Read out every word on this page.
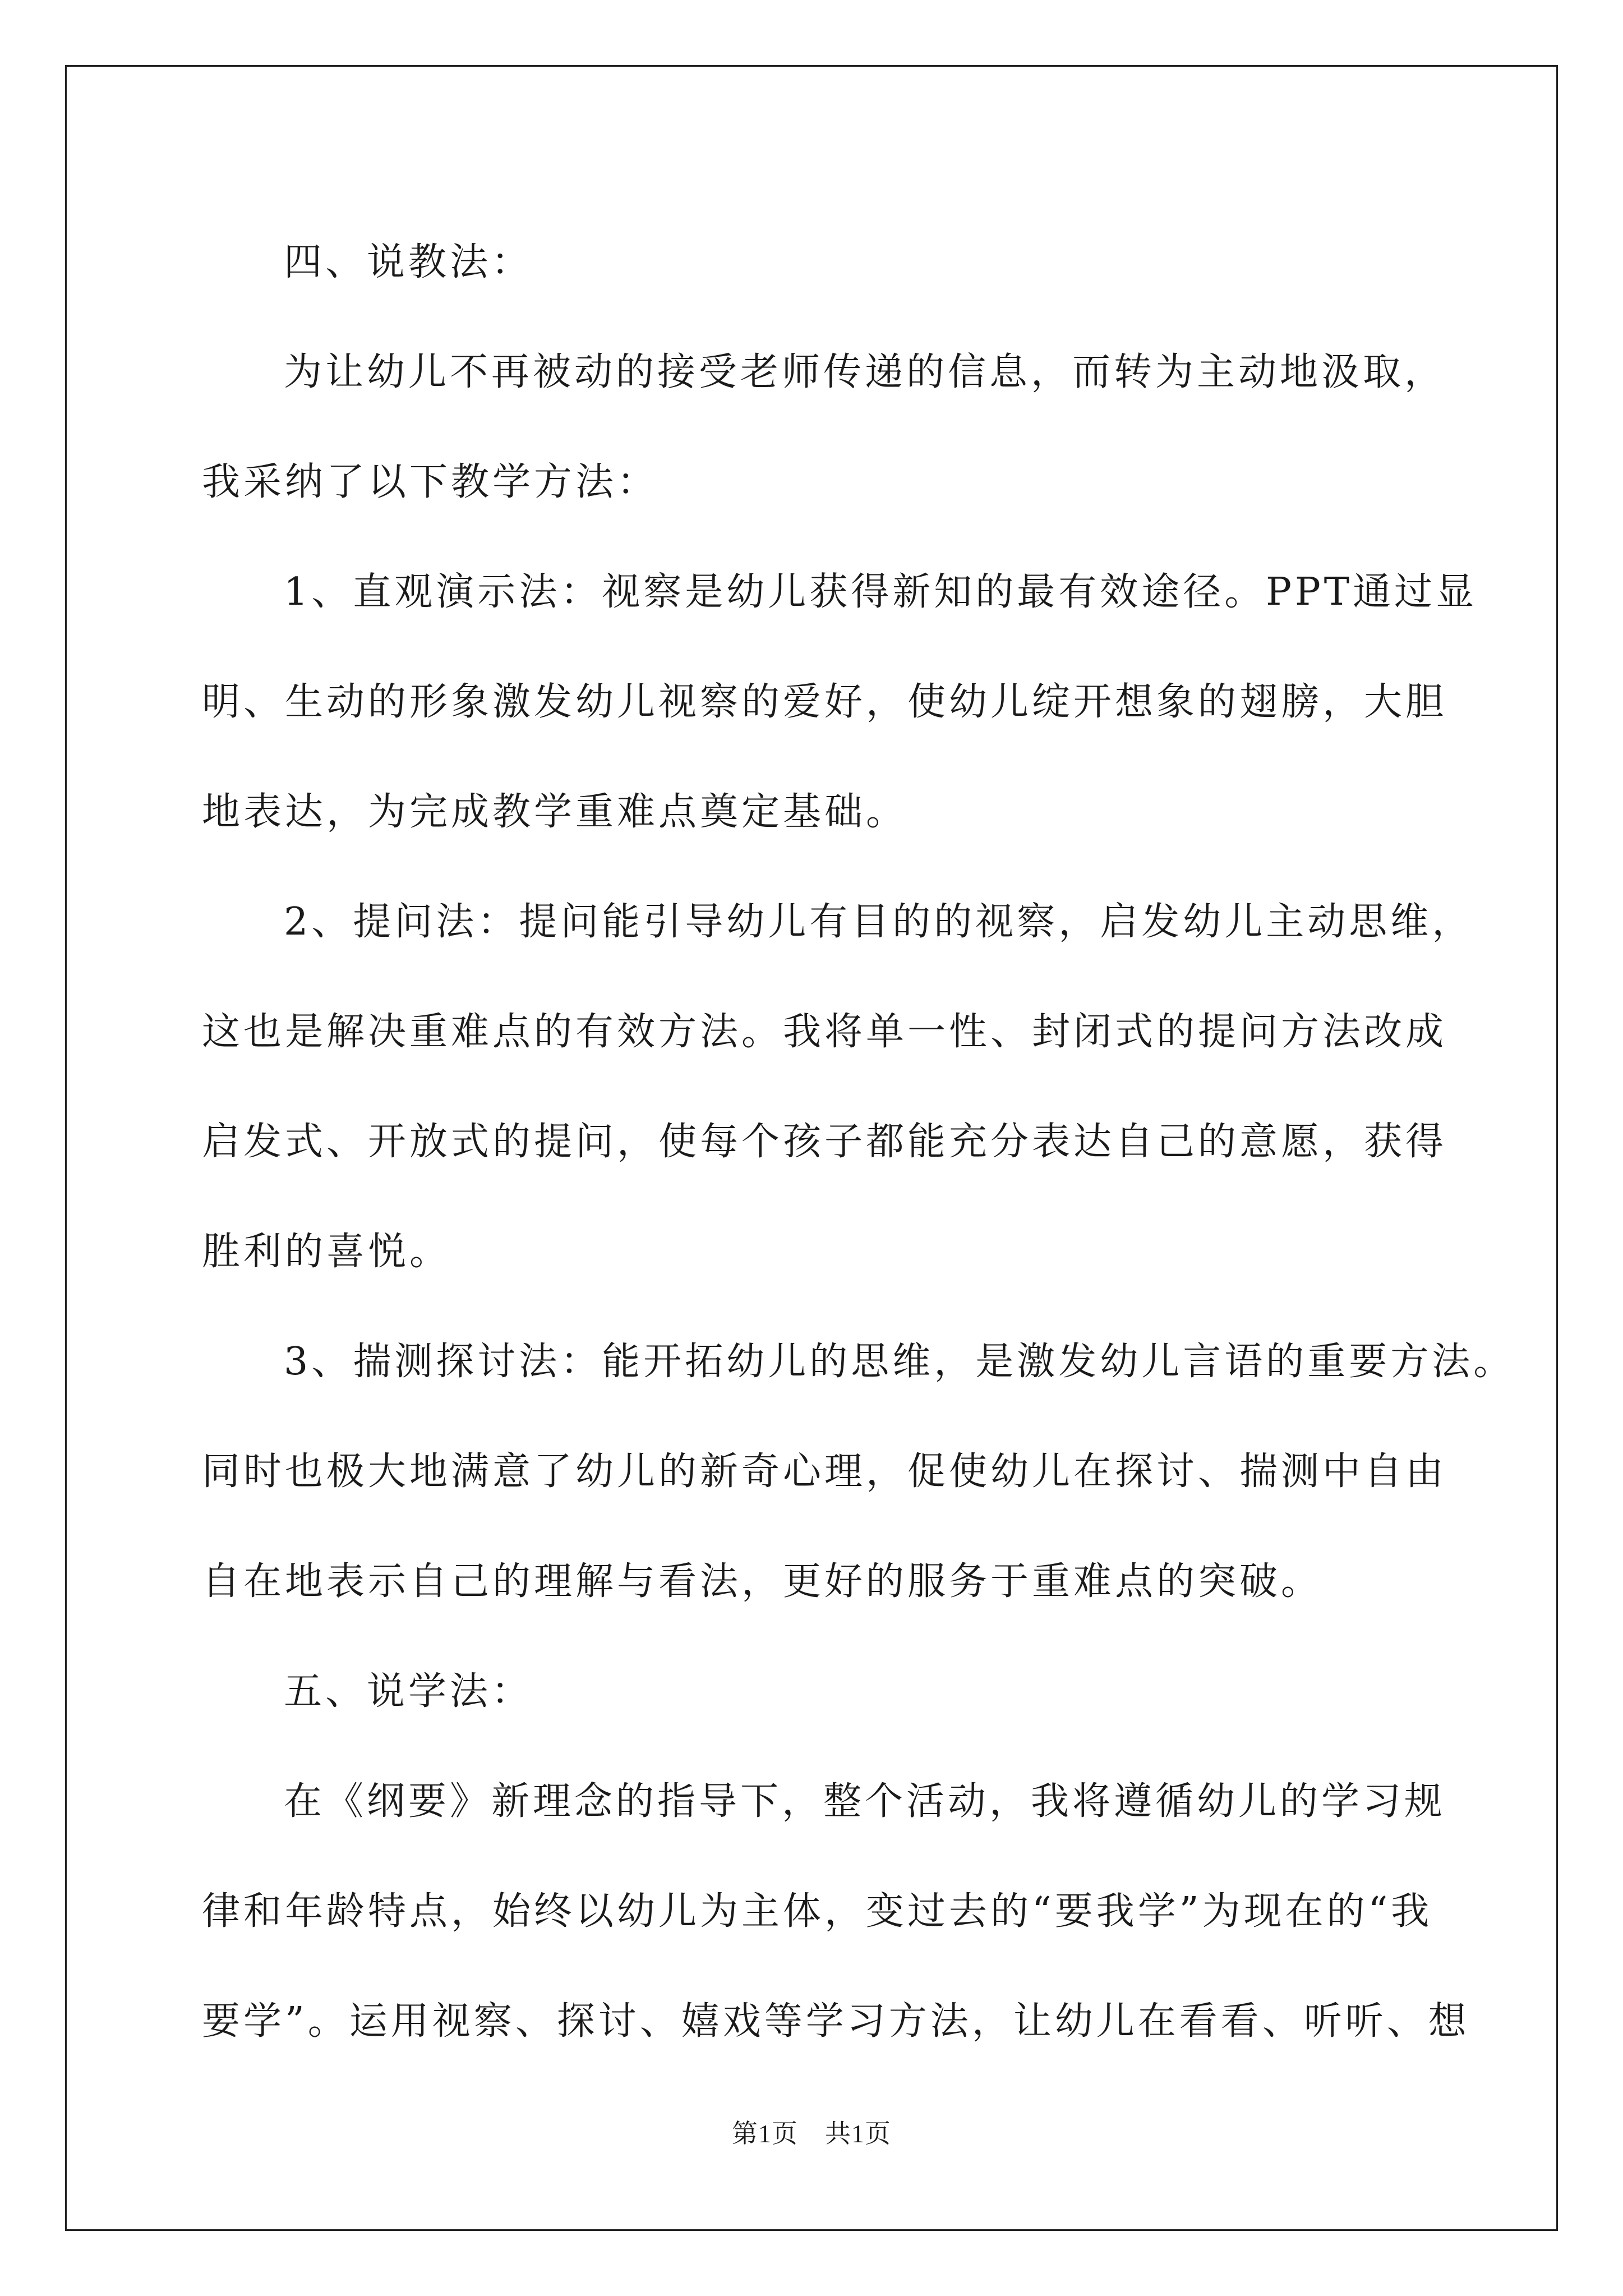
四、说教法：
为让幼儿不再被动的接受老师传递的信息，而转为主动地汲取，
我采纳了以下教学方法：
1、直观演示法：视察是幼儿获得新知的最有效途径。PPT通过显
明、生动的形象激发幼儿视察的爱好，使幼儿绽开想象的翅膀，大胆
地表达，为完成教学重难点奠定基础。
2、提问法：提问能引导幼儿有目的的视察，启发幼儿主动思维，
这也是解决重难点的有效方法。我将单一性、封闭式的提问方法改成
启发式、开放式的提问，使每个孩子都能充分表达自己的意愿，获得
胜利的喜悦。
3、揣测探讨法：能开拓幼儿的思维，是激发幼儿言语的重要方法。
同时也极大地满意了幼儿的新奇心理，促使幼儿在探讨、揣测中自由
自在地表示自己的理解与看法，更好的服务于重难点的突破。
五、说学法：
在《纲要》新理念的指导下，整个活动，我将遵循幼儿的学习规
律和年龄特点，始终以幼儿为主体，变过去的“要我学”为现在的“我
要学”。运用视察、探讨、嬉戏等学习方法，让幼儿在看看、听听、想
第1页 共1页
